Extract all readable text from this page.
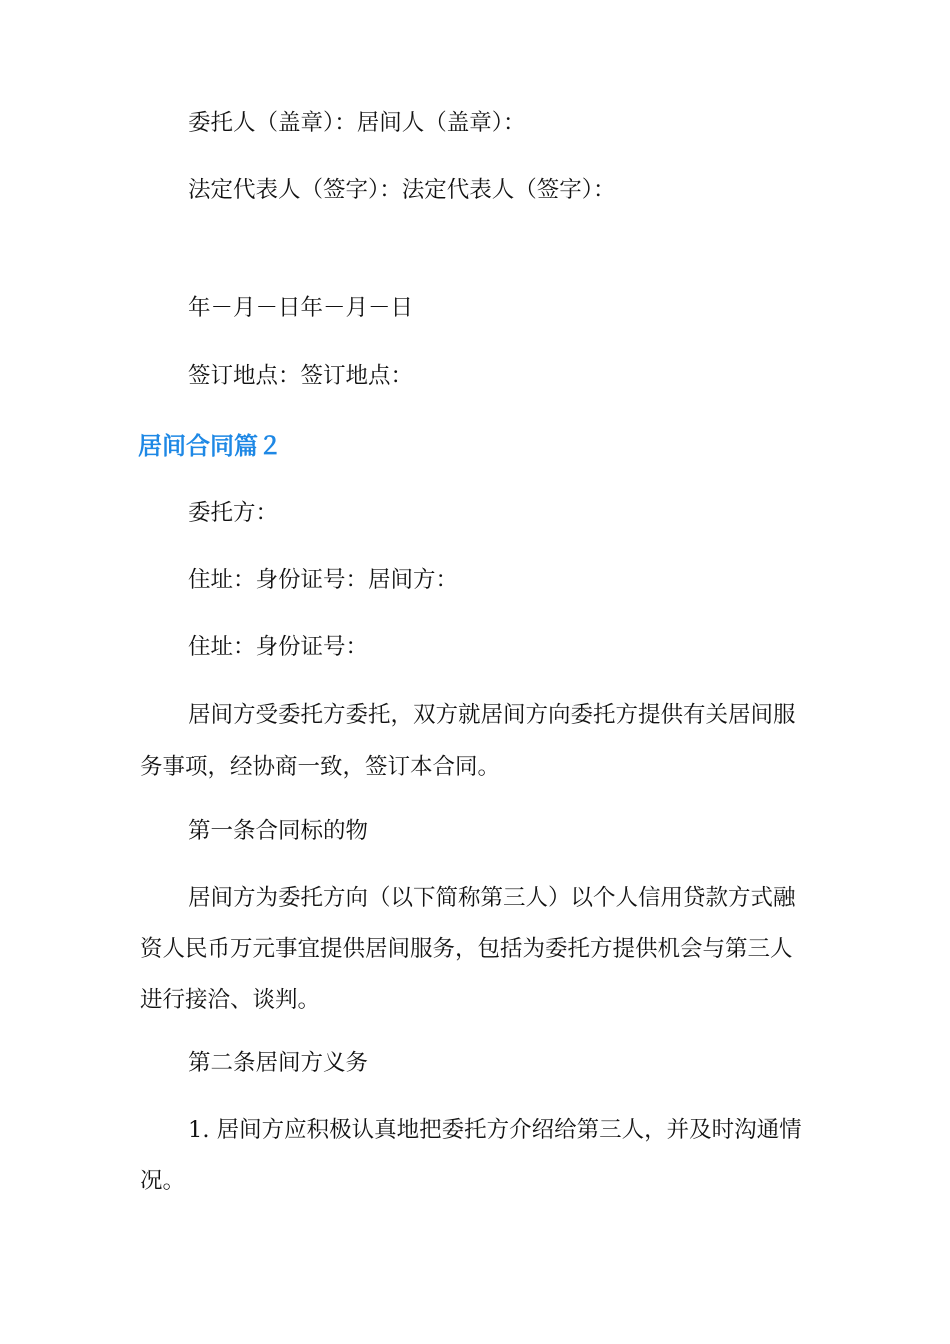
委托人（盖章）：居间人（盖章）：
法定代表人（签字）：法定代表人（签字）：
年－月－日年－月－日
签订地点：签订地点：
居间合同篇２
委托方：
住址：身份证号：居间方：
住址：身份证号：
居间方受委托方委托，双方就居间方向委托方提供有关居间服
务事项，经协商一致，签订本合同。
第一条合同标的物
居间方为委托方向（以下简称第三人）以个人信用贷款方式融
资人民币万元事宜提供居间服务，包括为委托方提供机会与第三人
进行接洽、谈判。
第二条居间方义务
1. 居间方应积极认真地把委托方介绍给第三人，并及时沟通情
况。
